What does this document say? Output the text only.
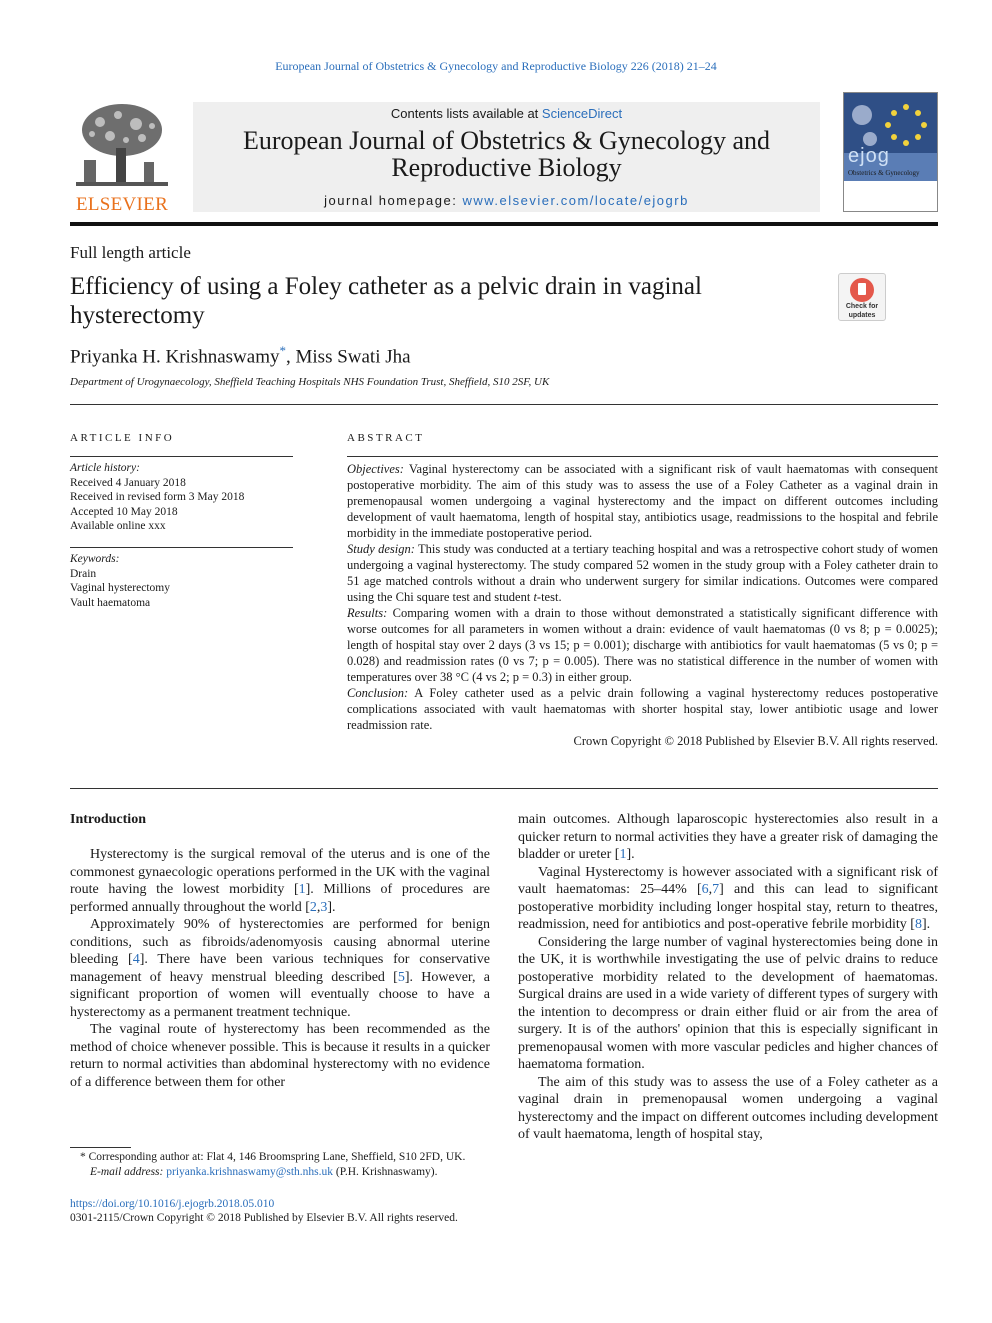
European Journal of Obstetrics & Gynecology and Reproductive Biology 226 (2018) 21–24
ELSEVIER
Contents lists available at ScienceDirect
European Journal of Obstetrics & Gynecology and Reproductive Biology
journal homepage: www.elsevier.com/locate/ejogrb
ejog
Obstetrics & Gynecology
Full length article
Efficiency of using a Foley catheter as a pelvic drain in vaginal hysterectomy	Check for
updates
Priyanka H. Krishnaswamy*, Miss Swati Jha
Department of Urogynaecology, Sheffield Teaching Hospitals NHS Foundation Trust, Sheffield, S10 2SF, UK
ARTICLE INFO
Article history:
Received 4 January 2018
Received in revised form 3 May 2018
Accepted 10 May 2018
Available online xxx
Keywords:
Drain
Vaginal hysterectomy
Vault haematoma
ABSTRACT

Objectives: Vaginal hysterectomy can be associated with a significant risk of vault haematomas with consequent postoperative morbidity. The aim of this study was to assess the use of a Foley Catheter as a vaginal drain in premenopausal women undergoing a vaginal hysterectomy and the impact on different outcomes including development of vault haematoma, length of hospital stay, antibiotics usage, readmissions to the hospital and febrile morbidity in the immediate postoperative period.

Study design: This study was conducted at a tertiary teaching hospital and was a retrospective cohort study of women undergoing a vaginal hysterectomy. The study compared 52 women in the study group with a Foley catheter drain to 51 age matched controls without a drain who underwent surgery for similar indications. Outcomes were compared using the Chi square test and student t-test.

Results: Comparing women with a drain to those without demonstrated a statistically significant difference with worse outcomes for all parameters in women without a drain: evidence of vault haematomas (0 vs 8; p = 0.0025); length of hospital stay over 2 days (3 vs 15; p = 0.001); discharge with antibiotics for vault haematomas (5 vs 0; p = 0.028) and readmission rates (0 vs 7; p = 0.005). There was no statistical difference in the number of women with temperatures over 38 °C (4 vs 2; p = 0.3) in either group.

Conclusion: A Foley catheter used as a pelvic drain following a vaginal hysterectomy reduces postoperative complications associated with vault haematomas with shorter hospital stay, lower antibiotic usage and lower readmission rate.

Crown Copyright © 2018 Published by Elsevier B.V. All rights reserved.

Introduction

Hysterectomy is the surgical removal of the uterus and is one of the commonest gynaecologic operations performed in the UK with the vaginal route having the lowest morbidity [1]. Millions of procedures are performed annually throughout the world [2,3].

Approximately 90% of hysterectomies are performed for benign conditions, such as fibroids/adenomyosis causing abnormal uterine bleeding [4]. There have been various techniques for conservative management of heavy menstrual bleeding described [5]. However, a significant proportion of women will eventually choose to have a hysterectomy as a permanent treatment technique.

The vaginal route of hysterectomy has been recommended as the method of choice whenever possible. This is because it results in a quicker return to normal activities than abdominal hysterectomy with no evidence of a difference between them for other

main outcomes. Although laparoscopic hysterectomies also result in a quicker return to normal activities they have a greater risk of damaging the bladder or ureter [1].

Vaginal Hysterectomy is however associated with a significant risk of vault haematomas: 25–44% [6,7] and this can lead to significant postoperative morbidity including longer hospital stay, return to theatres, readmission, need for antibiotics and post-operative febrile morbidity [8].

Considering the large number of vaginal hysterectomies being done in the UK, it is worthwhile investigating the use of pelvic drains to reduce postoperative morbidity related to the development of haematomas. Surgical drains are used in a wide variety of different types of surgery with the intention to decompress or drain either fluid or air from the area of surgery. It is of the authors' opinion that this is especially significant in premenopausal women with more vascular pedicles and higher chances of haematoma formation.

The aim of this study was to assess the use of a Foley catheter as a vaginal drain in premenopausal women undergoing a vaginal hysterectomy and the impact on different outcomes including development of vault haematoma, length of hospital stay,

* Corresponding author at: Flat 4, 146 Broomspring Lane, Sheffield, S10 2FD, UK.
E-mail address: priyanka.krishnaswamy@sth.nhs.uk (P.H. Krishnaswamy).
https://doi.org/10.1016/j.ejogrb.2018.05.010
0301-2115/Crown Copyright © 2018 Published by Elsevier B.V. All rights reserved.
